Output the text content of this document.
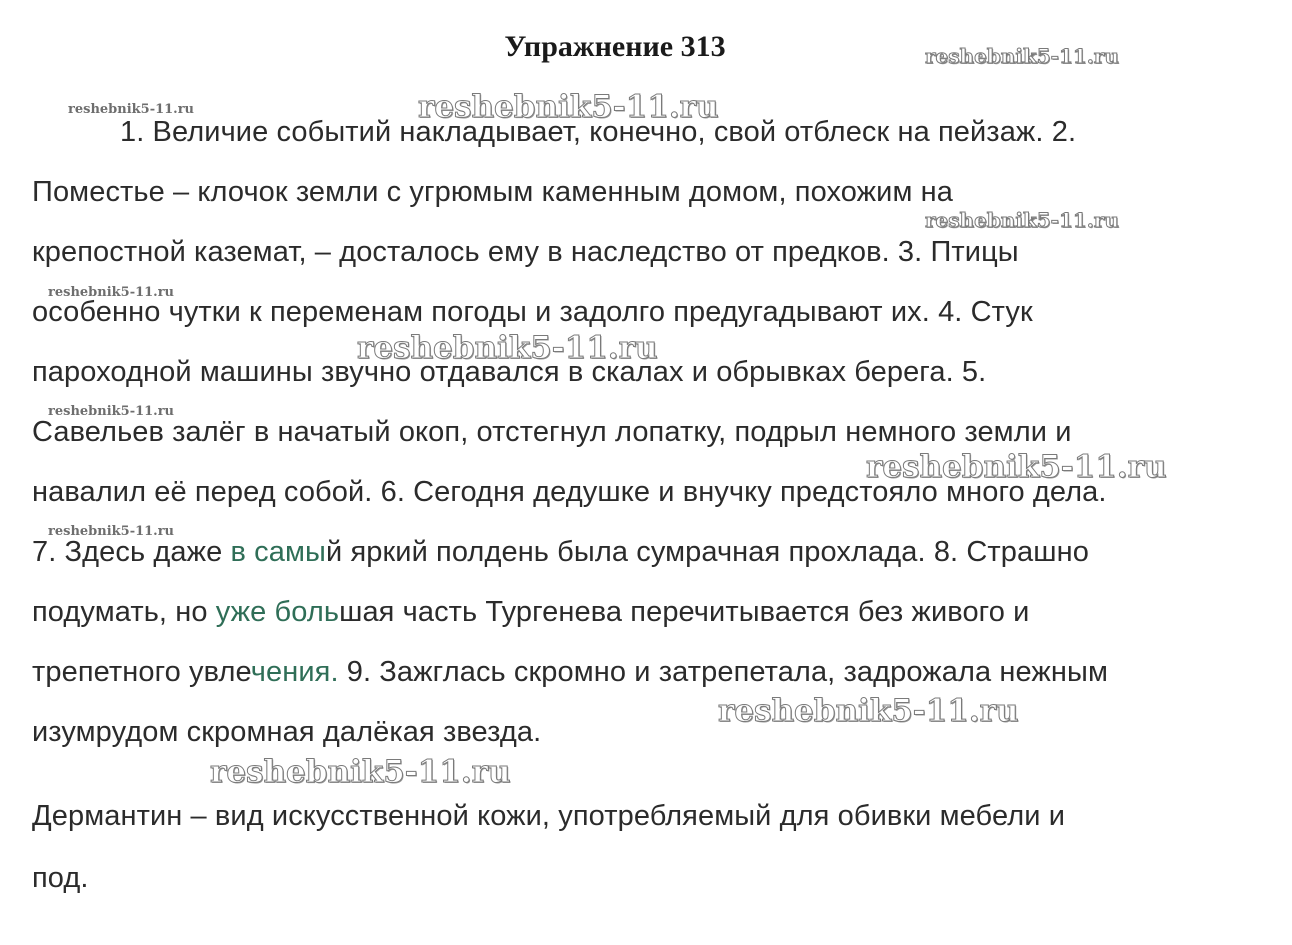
Упражнение 313
1. Величие событий накладывает, конечно, свой отблеск на пейзаж. 2.
Поместье – клочок земли с угрюмым каменным домом, похожим на
крепостной каземат, – досталось ему в наследство от предков. 3. Птицы
особенно чутки к переменам погоды и задолго предугадывают их. 4. Стук
пароходной машины звучно отдавался в скалах и обрывках берега. 5.
Савельев залёг в начатый окоп, отстегнул лопатку, подрыл немного земли и
навалил её перед собой. 6. Сегодня дедушке и внучку предстояло много дела.
7. Здесь даже в самый яркий полдень была сумрачная прохлада. 8. Страшно
подумать, но уже большая часть Тургенева перечитывается без живого и
трепетного увлечения. 9. Зажглась скромно и затрепетала, задрожала нежным
изумрудом скромная далёкая звезда.
Дермантин – вид искусственной кожи, употребляемый для обивки мебели и
под.
reshebnik5-11.ru
reshebnik5-11.ru	reshebnik5-11.ru
reshebnik5-11.ru
reshebnik5-11.ru
reshebnik5-11.ru
reshebnik5-11.ru
reshebnik5-11.ru
reshebnik5-11.ru
reshebnik5-11.ru
reshebnik5-11.ru
